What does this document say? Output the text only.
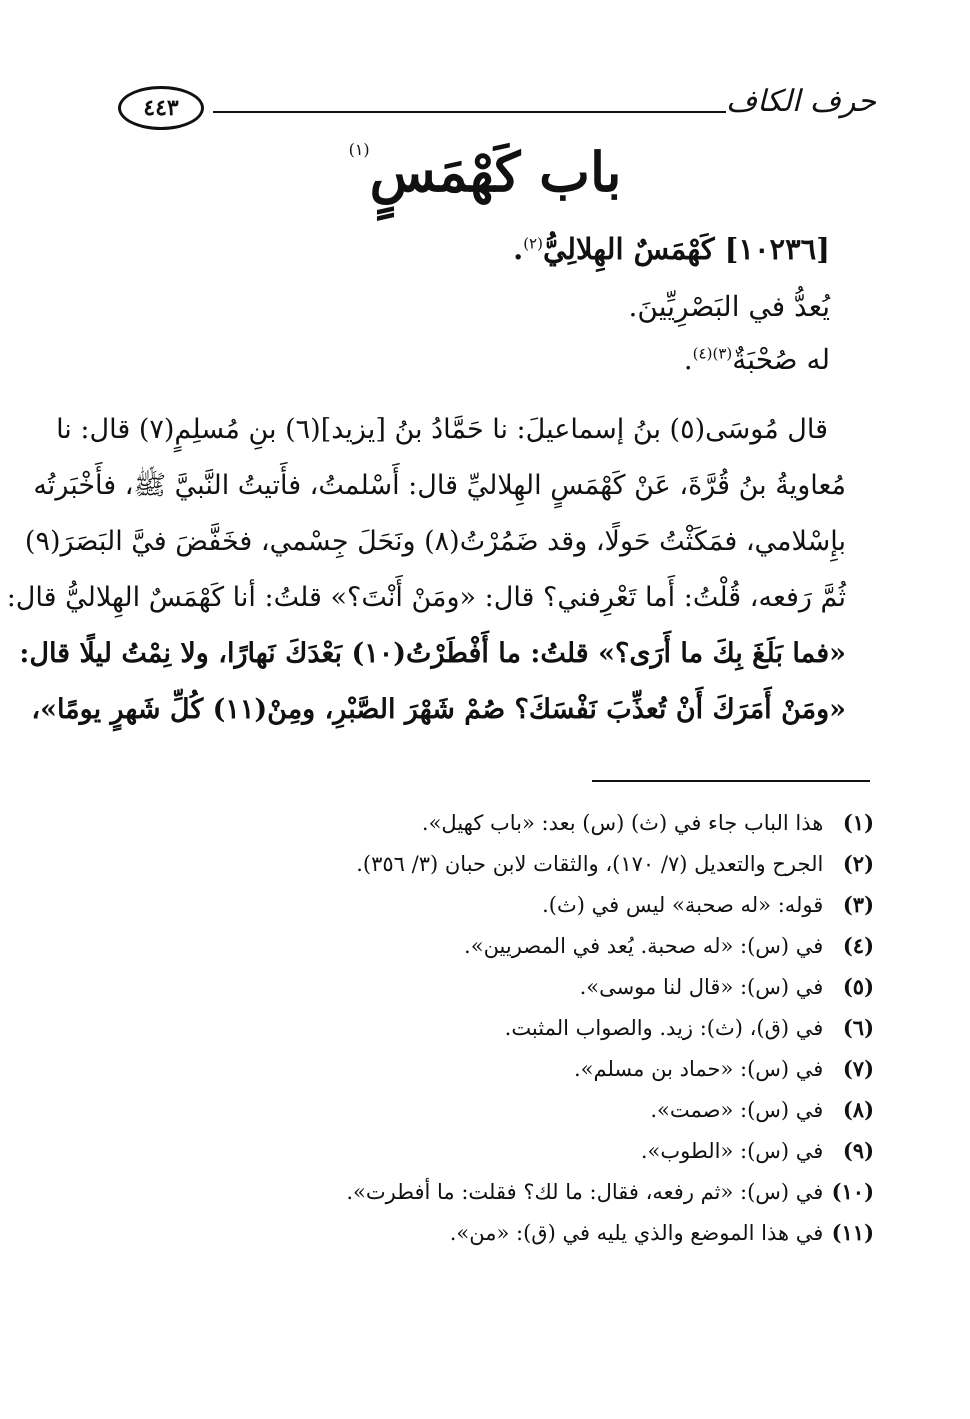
حرف الكاف
٤٤٣
باب كَهْمَسٍ$^{(١)}$
[١٠٢٣٦] كَهْمَسٌ الهِلالِيُّ$^{(٢)}$.
يُعدُّ في البَصْرِيِّينَ.
له صُحْبَةٌ$^{(٣)(٤)}$.
قال مُوسَى(٥) بنُ إسماعيلَ: نا حَمَّادُ بنُ [يزيد](٦) بنِ مُسلِمٍ(٧) قال: نا
مُعاويةُ بنُ قُرَّةَ، عَنْ كَهْمَسٍ الهِلاليِّ قال: أَسْلمتُ، فأَتيتُ النَّبيَّ ﷺ، فأَخْبَرتُه
بإِسْلامي، فمَكَثْتُ حَولًا، وقد ضَمُرْتُ(٨) ونَحَلَ جِسْمي، فخَفَّضَ فيَّ البَصَرَ(٩)
ثُمَّ رَفعه، قُلْتُ: أَما تَعْرِفني؟ قال: «ومَنْ أَنْتَ؟» قلتُ: أنا كَهْمَسٌ الهِلاليُّ قال:
«فما بَلَغَ بِكَ ما أَرَى؟» قلتُ: ما أَفْطَرْتُ(١٠) بَعْدَكَ نَهارًا، ولا نِمْتُ ليلًا قال:
«ومَنْ أَمَرَكَ أَنْ تُعذِّبَ نَفْسَكَ؟ صُمْ شَهْرَ الصَّبْرِ، ومِنْ(١١) كُلِّ شَهرٍ يومًا»،
(١) هذا الباب جاء في (ث) (س) بعد: «باب كهيل».
(٢) الجرح والتعديل (٧/ ١٧٠)، والثقات لابن حبان (٣/ ٣٥٦).
(٣) قوله: «له صحبة» ليس في (ث).
(٤) في (س): «له صحبة. يُعد في المصريين».
(٥) في (س): «قال لنا موسى».
(٦) في (ق)، (ث): زيد. والصواب المثبت.
(٧) في (س): «حماد بن مسلم».
(٨) في (س): «صمت».
(٩) في (س): «الطوب».
(١٠) في (س): «ثم رفعه، فقال: ما لك؟ فقلت: ما أفطرت».
(١١) في هذا الموضع والذي يليه في (ق): «من».
